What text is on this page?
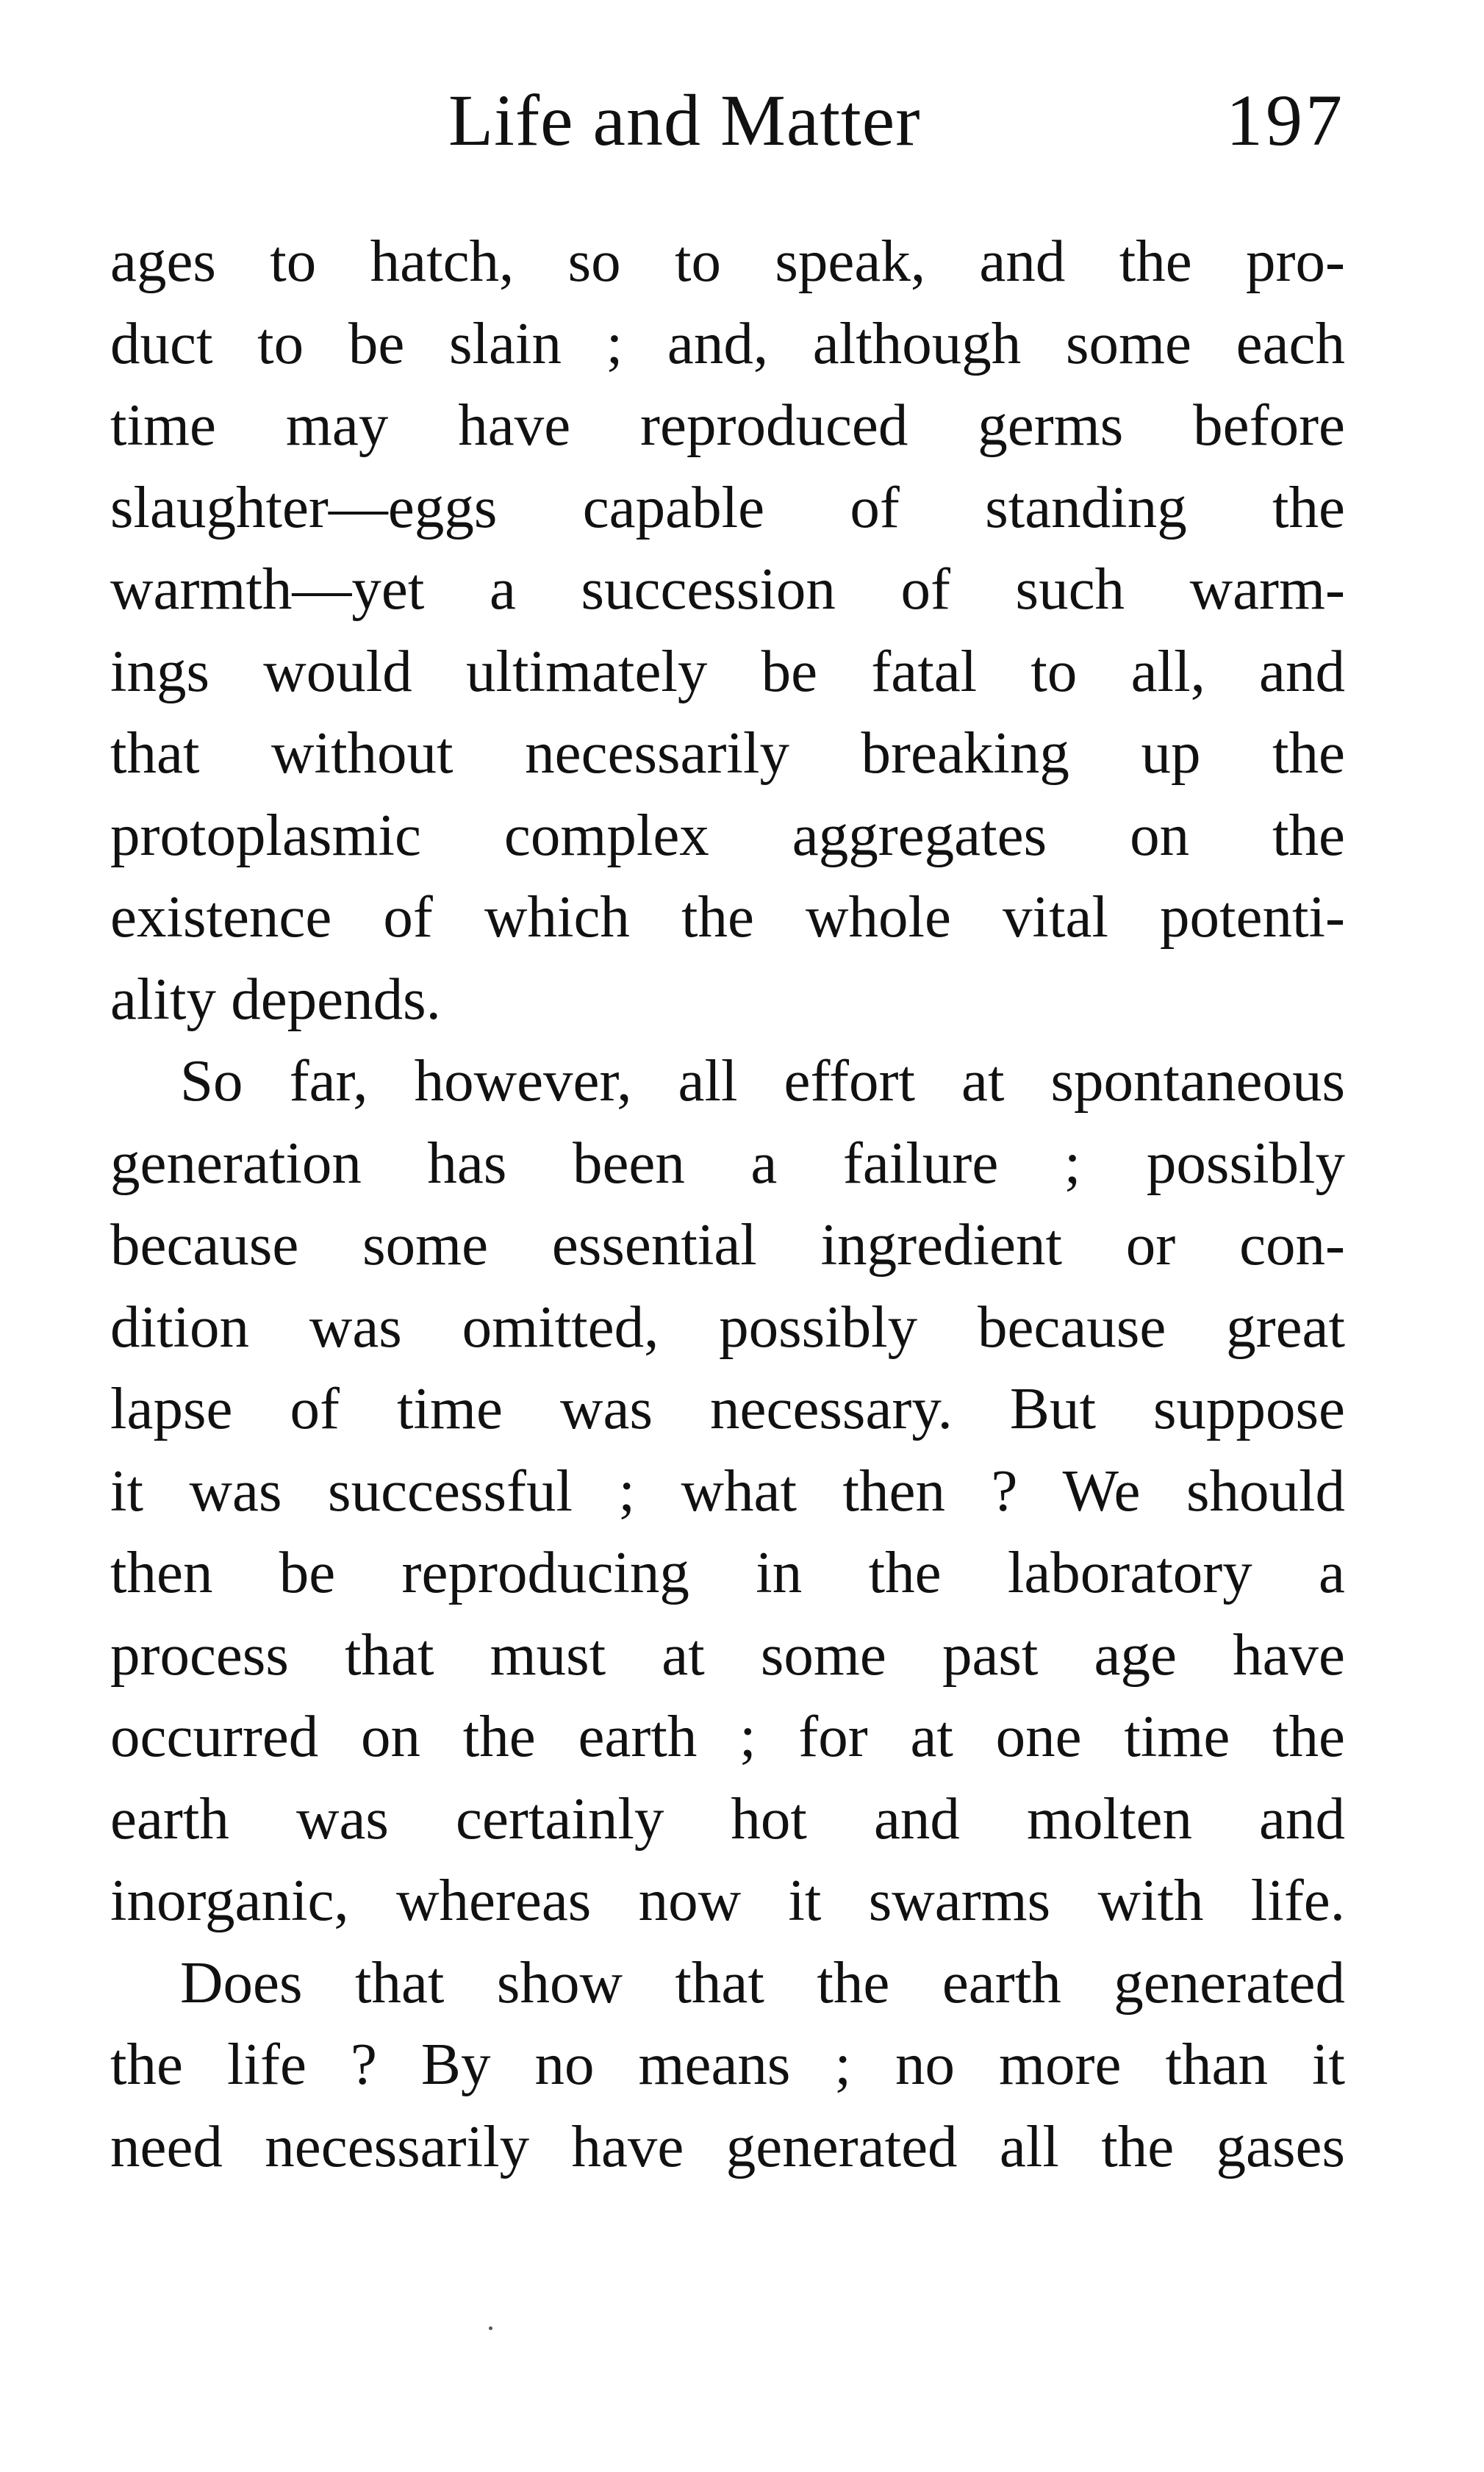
Life and Matter	197
ages to hatch, so to speak, and the pro-
duct to be slain ; and, although some each
time may have reproduced germs before
slaughter—eggs capable of standing the
warmth—yet a succession of such warm-
ings would ultimately be fatal to all, and
that without necessarily breaking up the
protoplasmic complex aggregates on the
existence of which the whole vital potenti-
ality depends.
So far, however, all effort at spontaneous
generation has been a failure ; possibly
because some essential ingredient or con-
dition was omitted, possibly because great
lapse of time was necessary. But suppose
it was successful ; what then ? We should
then be reproducing in the laboratory a
process that must at some past age have
occurred on the earth ; for at one time the
earth was certainly hot and molten and
inorganic, whereas now it swarms with life.
Does that show that the earth generated
the life ? By no means ; no more than it
need necessarily have generated all the gases
